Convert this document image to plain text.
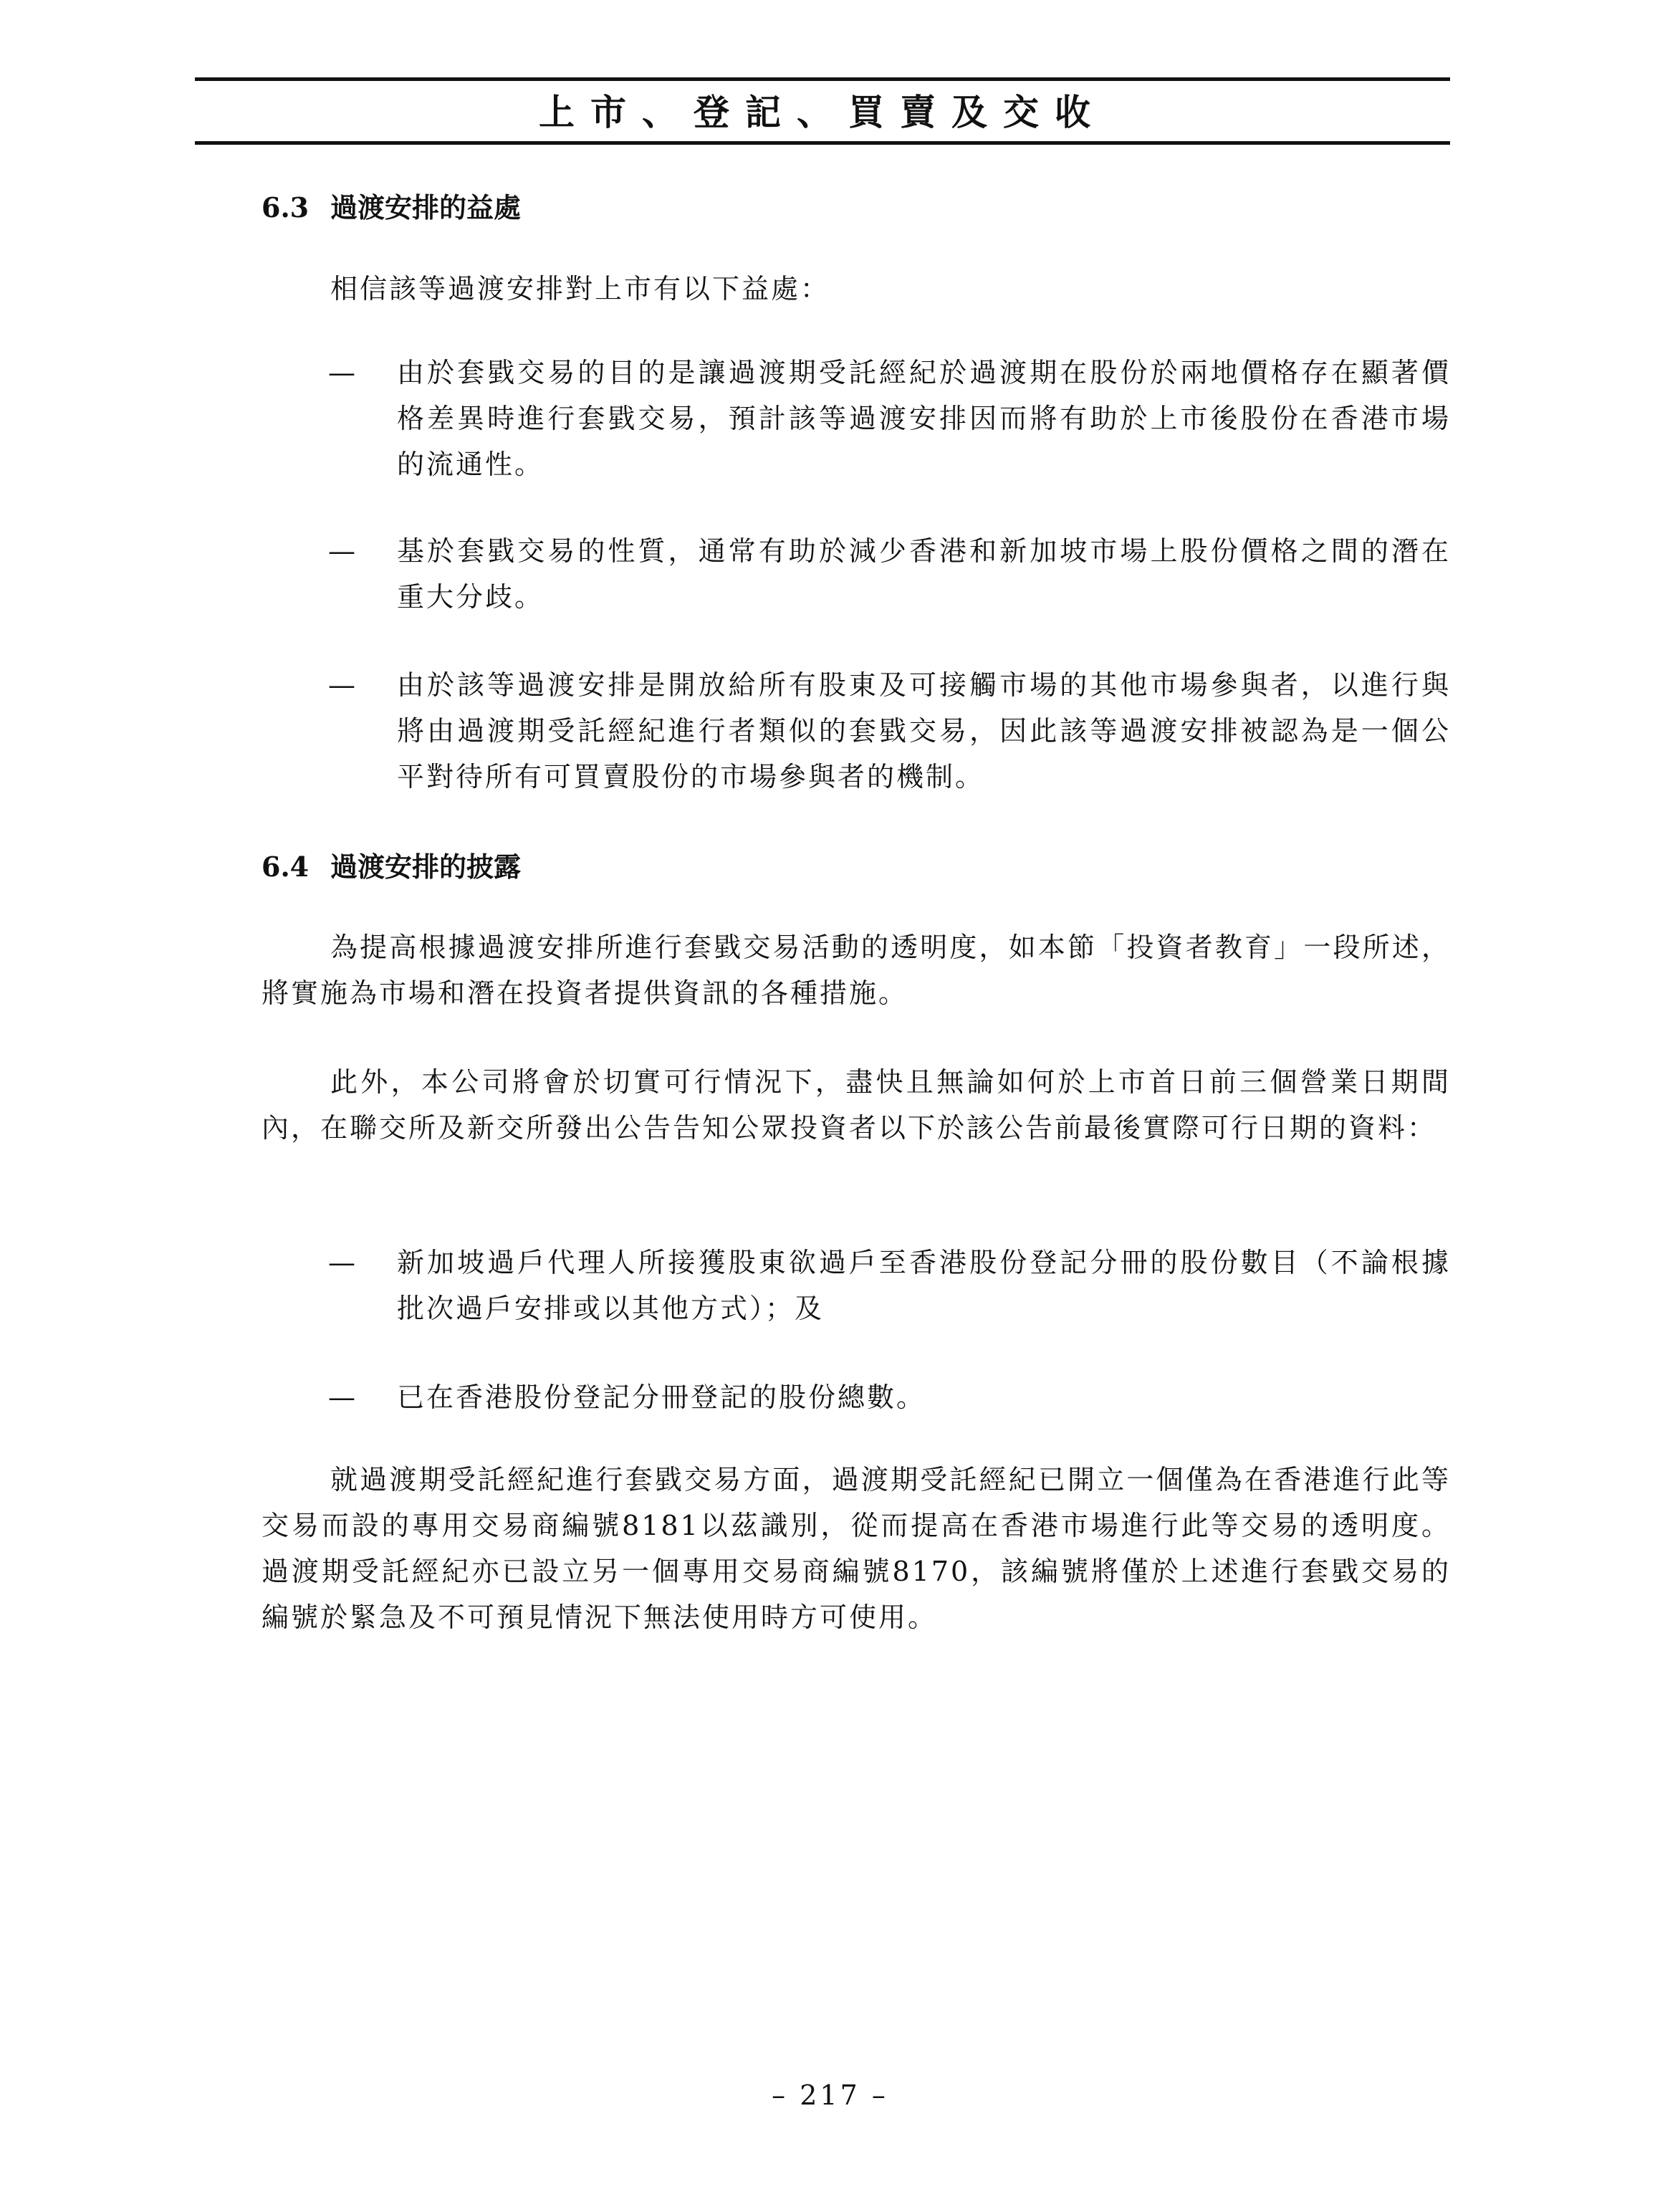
上市、登記、買賣及交收
6.3 過渡安排的益處

相信該等過渡安排對上市有以下益處：

— 由於套戥交易的目的是讓過渡期受託經紀於過渡期在股份於兩地價格存在顯著價格差異時進行套戥交易，預計該等過渡安排因而將有助於上市後股份在香港市場的流通性。

— 基於套戥交易的性質，通常有助於減少香港和新加坡市場上股份價格之間的潛在重大分歧。

— 由於該等過渡安排是開放給所有股東及可接觸市場的其他市場參與者，以進行與將由過渡期受託經紀進行者類似的套戥交易，因此該等過渡安排被認為是一個公平對待所有可買賣股份的市場參與者的機制。

6.4 過渡安排的披露

為提高根據過渡安排所進行套戥交易活動的透明度，如本節「投資者教育」一段所述，將實施為市場和潛在投資者提供資訊的各種措施。

此外，本公司將會於切實可行情況下，盡快且無論如何於上市首日前三個營業日期間內，在聯交所及新交所發出公告告知公眾投資者以下於該公告前最後實際可行日期的資料：

— 新加坡過戶代理人所接獲股東欲過戶至香港股份登記分冊的股份數目（不論根據批次過戶安排或以其他方式）；及

— 已在香港股份登記分冊登記的股份總數。

就過渡期受託經紀進行套戥交易方面，過渡期受託經紀已開立一個僅為在香港進行此等交易而設的專用交易商編號8181以茲識別，從而提高在香港市場進行此等交易的透明度。過渡期受託經紀亦已設立另一個專用交易商編號8170，該編號將僅於上述進行套戥交易的編號於緊急及不可預見情況下無法使用時方可使用。

– 217 –
